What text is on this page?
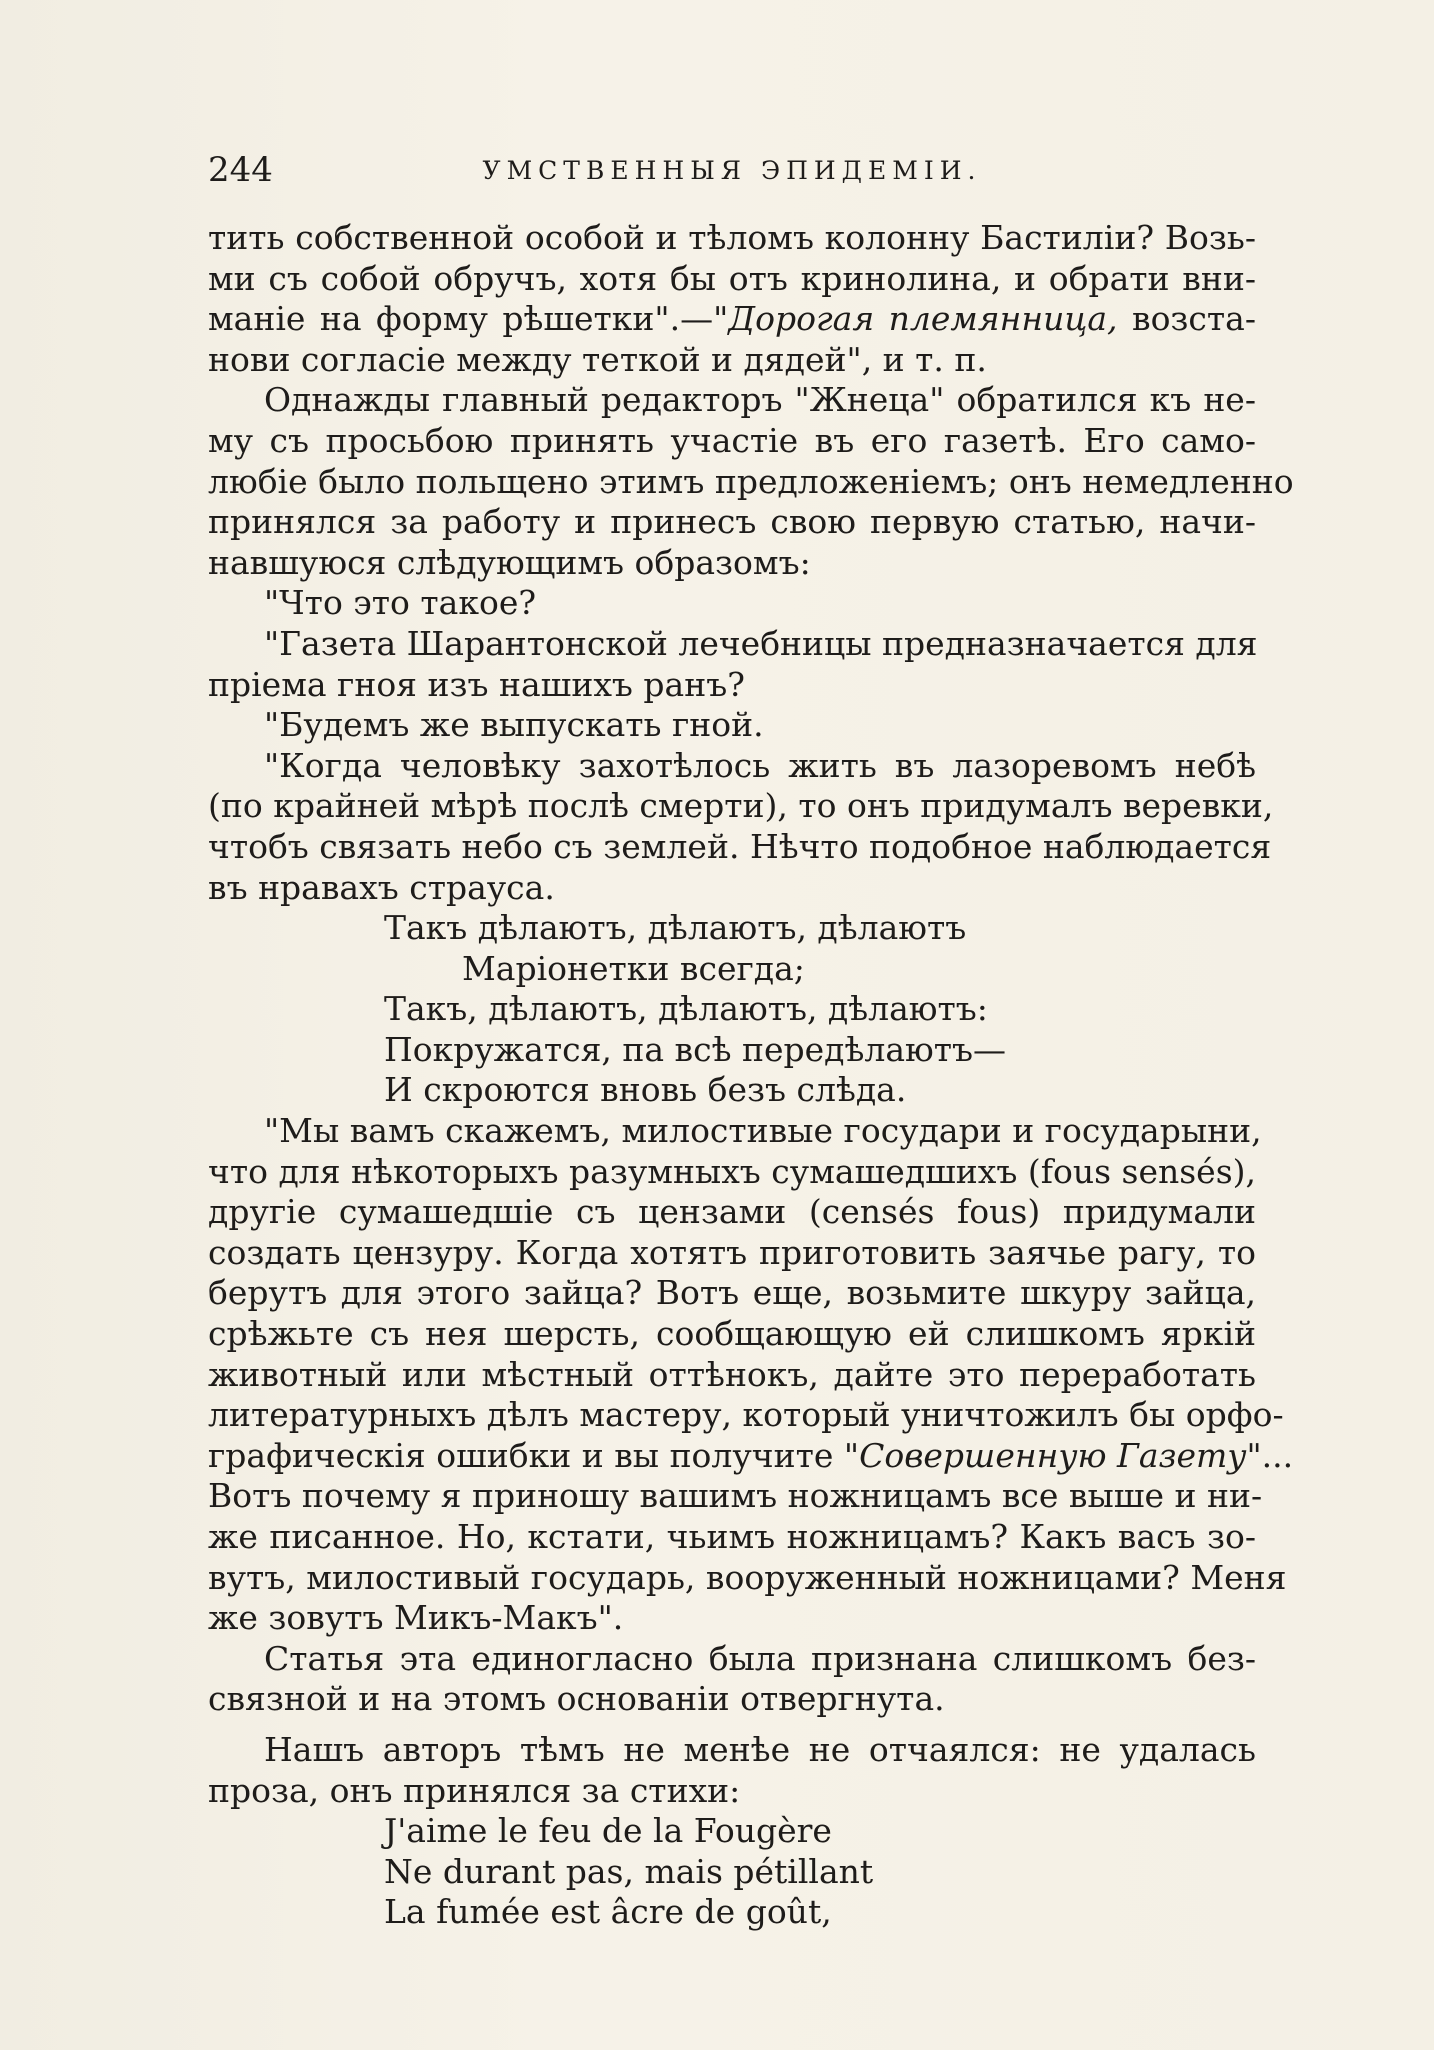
244	УМСТВЕННЫЯ ЭПИДЕМІИ.
тить собственной особой и тѣломъ колонну Бастиліи? Возь-
ми съ собой обручъ, хотя бы отъ кринолина, и обрати вни-
маніе на форму рѣшетки".—"Дорогая племянница, возста-
нови согласіе между теткой и дядей", и т. п.
Однажды главный редакторъ "Жнеца" обратился къ не-
му съ просьбою принять участіе въ его газетѣ. Его само-
любіе было польщено этимъ предложеніемъ; онъ немедленно
принялся за работу и принесъ свою первую статью, начи-
навшуюся слѣдующимъ образомъ:
"Что это такое?
"Газета Шарантонской лечебницы предназначается для
пріема гноя изъ нашихъ ранъ?
"Будемъ же выпускать гной.
"Когда человѣку захотѣлось жить въ лазоревомъ небѣ
(по крайней мѣрѣ послѣ смерти), то онъ придумалъ веревки,
чтобъ связать небо съ землей. Нѣчто подобное наблюдается
въ нравахъ страуса.
Такъ дѣлаютъ, дѣлаютъ, дѣлаютъ
Маріонетки всегда;
Такъ, дѣлаютъ, дѣлаютъ, дѣлаютъ:
Покружатся, па всѣ передѣлаютъ—
И скроются вновь безъ слѣда.
"Мы вамъ скажемъ, милостивые государи и государыни,
что для нѣкоторыхъ разумныхъ сумашедшихъ (fous sensés),
другіе сумашедшіе съ цензами (censés fous) придумали
создать цензуру. Когда хотятъ приготовить заячье рагу, то
берутъ для этого зайца? Вотъ еще, возьмите шкуру зайца,
срѣжьте съ нея шерсть, сообщающую ей слишкомъ яркій
животный или мѣстный оттѣнокъ, дайте это переработать
литературныхъ дѣлъ мастеру, который уничтожилъ бы орфо-
графическія ошибки и вы получите "Совершенную Газету"...
Вотъ почему я приношу вашимъ ножницамъ все выше и ни-
же писанное. Но, кстати, чьимъ ножницамъ? Какъ васъ зо-
вутъ, милостивый государь, вооруженный ножницами? Меня
же зовутъ Микъ-Макъ".
Статья эта единогласно была признана слишкомъ без-
связной и на этомъ основаніи отвергнута.
Нашъ авторъ тѣмъ не менѣе не отчаялся: не удалась
проза, онъ принялся за стихи:
J'aime le feu de la Fougère
Ne durant pas, mais pétillant
La fumée est âcre de goût,
